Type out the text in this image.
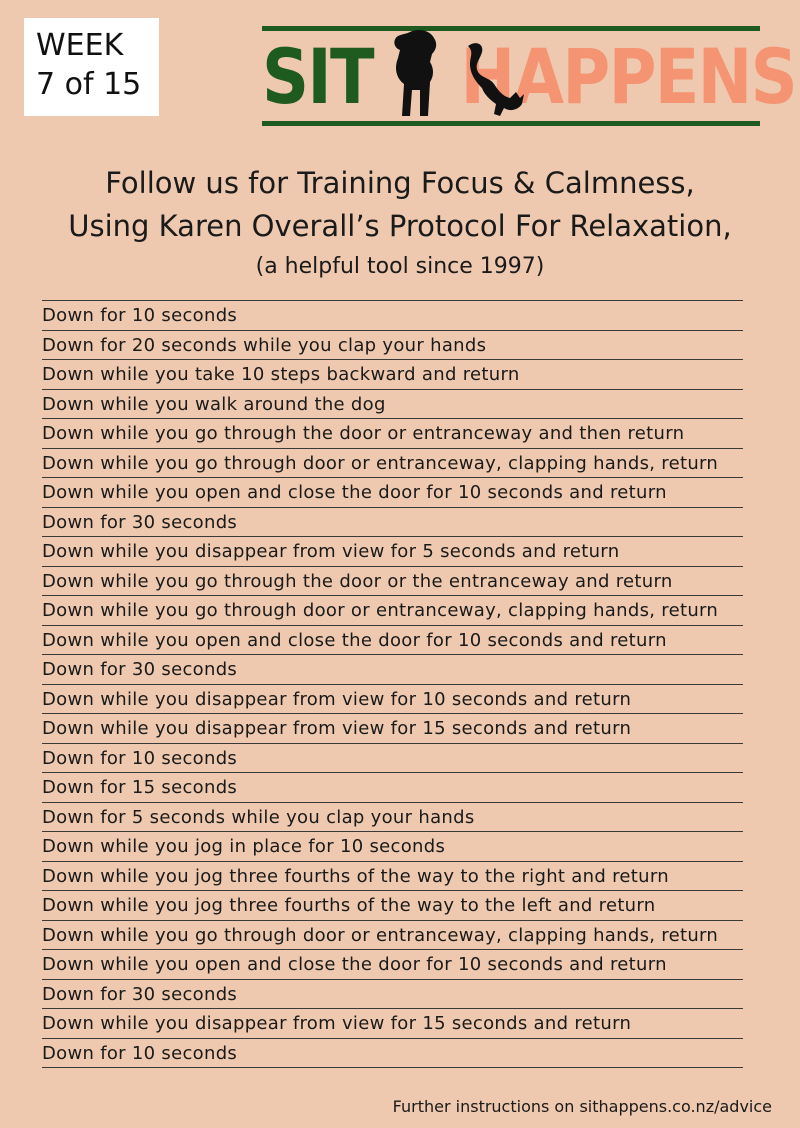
WEEK
7 of 15 SIT HAPPENS
Follow us for Training Focus & Calmness,
Using Karen Overall’s Protocol For Relaxation,
(a helpful tool since 1997)
Down for 10 seconds
Down for 20 seconds while you clap your hands
Down while you take 10 steps backward and return
Down while you walk around the dog
Down while you go through the door or entranceway and then return
Down while you go through door or entranceway, clapping hands, return
Down while you open and close the door for 10 seconds and return
Down for 30 seconds
Down while you disappear from view for 5 seconds and return
Down while you go through the door or the entranceway and return
Down while you go through door or entranceway, clapping hands, return
Down while you open and close the door for 10 seconds and return
Down for 30 seconds
Down while you disappear from view for 10 seconds and return
Down while you disappear from view for 15 seconds and return
Down for 10 seconds
Down for 15 seconds
Down for 5 seconds while you clap your hands
Down while you jog in place for 10 seconds
Down while you jog three fourths of the way to the right and return
Down while you jog three fourths of the way to the left and return
Down while you go through door or entranceway, clapping hands, return
Down while you open and close the door for 10 seconds and return
Down for 30 seconds
Down while you disappear from view for 15 seconds and return
Down for 10 seconds
Further instructions on sithappens.co.nz/advice
